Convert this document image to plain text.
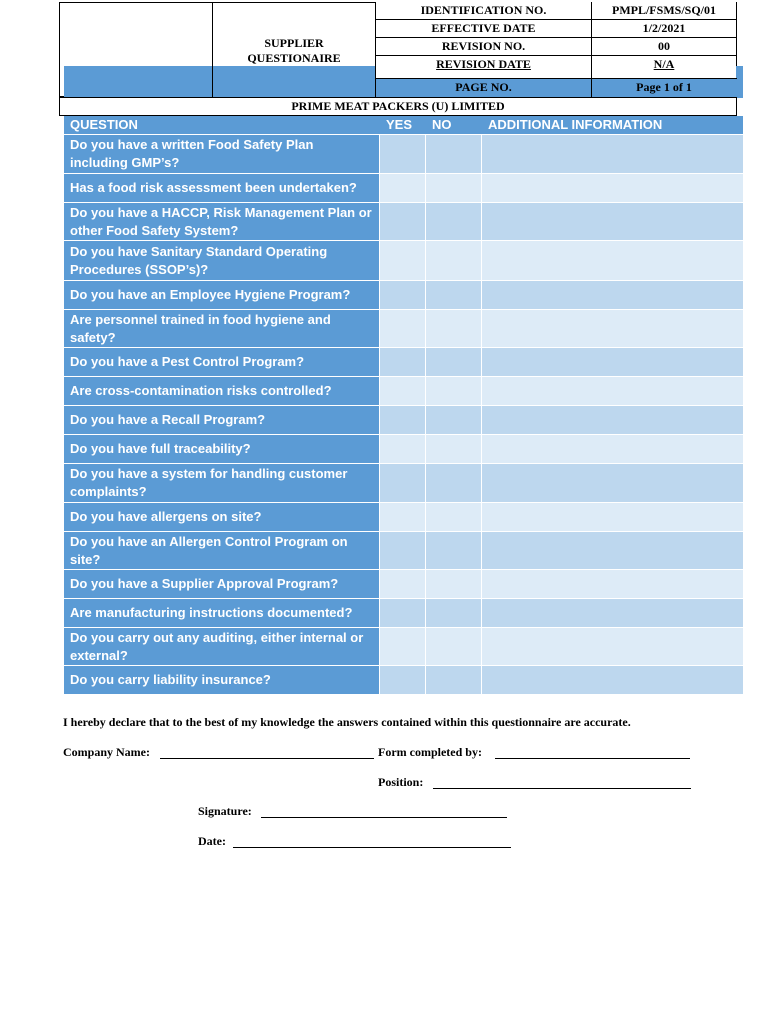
SUPPLIER QUESTIONAIRE
IDENTIFICATION NO.	PMPL/FSMS/SQ/01
EFFECTIVE DATE	1/2/2021
REVISION NO.	00
REVISION DATE	N/A
PAGE NO.	Page 1 of 1
PRIME MEAT PACKERS (U) LIMITED
QUESTION	YES NO	ADDITIONAL INFORMATION
Do you have a written Food Safety Plan including GMP’s?
Has a food risk assessment been undertaken?
Do you have a HACCP, Risk Management Plan or other Food Safety System?
Do you have Sanitary Standard Operating Procedures (SSOP’s)?
Do you have an Employee Hygiene Program?
Are personnel trained in food hygiene and safety?
Do you have a Pest Control Program?
Are cross-contamination risks controlled?
Do you have a Recall Program?
Do you have full traceability?
Do you have a system for handling customer complaints?
Do you have allergens on site?
Do you have an Allergen Control Program on site?
Do you have a Supplier Approval Program?
Are manufacturing instructions documented?
Do you carry out any auditing, either internal or external?
Do you carry liability insurance?
I hereby declare that to the best of my knowledge the answers contained within this questionnaire are accurate.
Company Name:	Form completed by:
Position:
Signature:
Date:
